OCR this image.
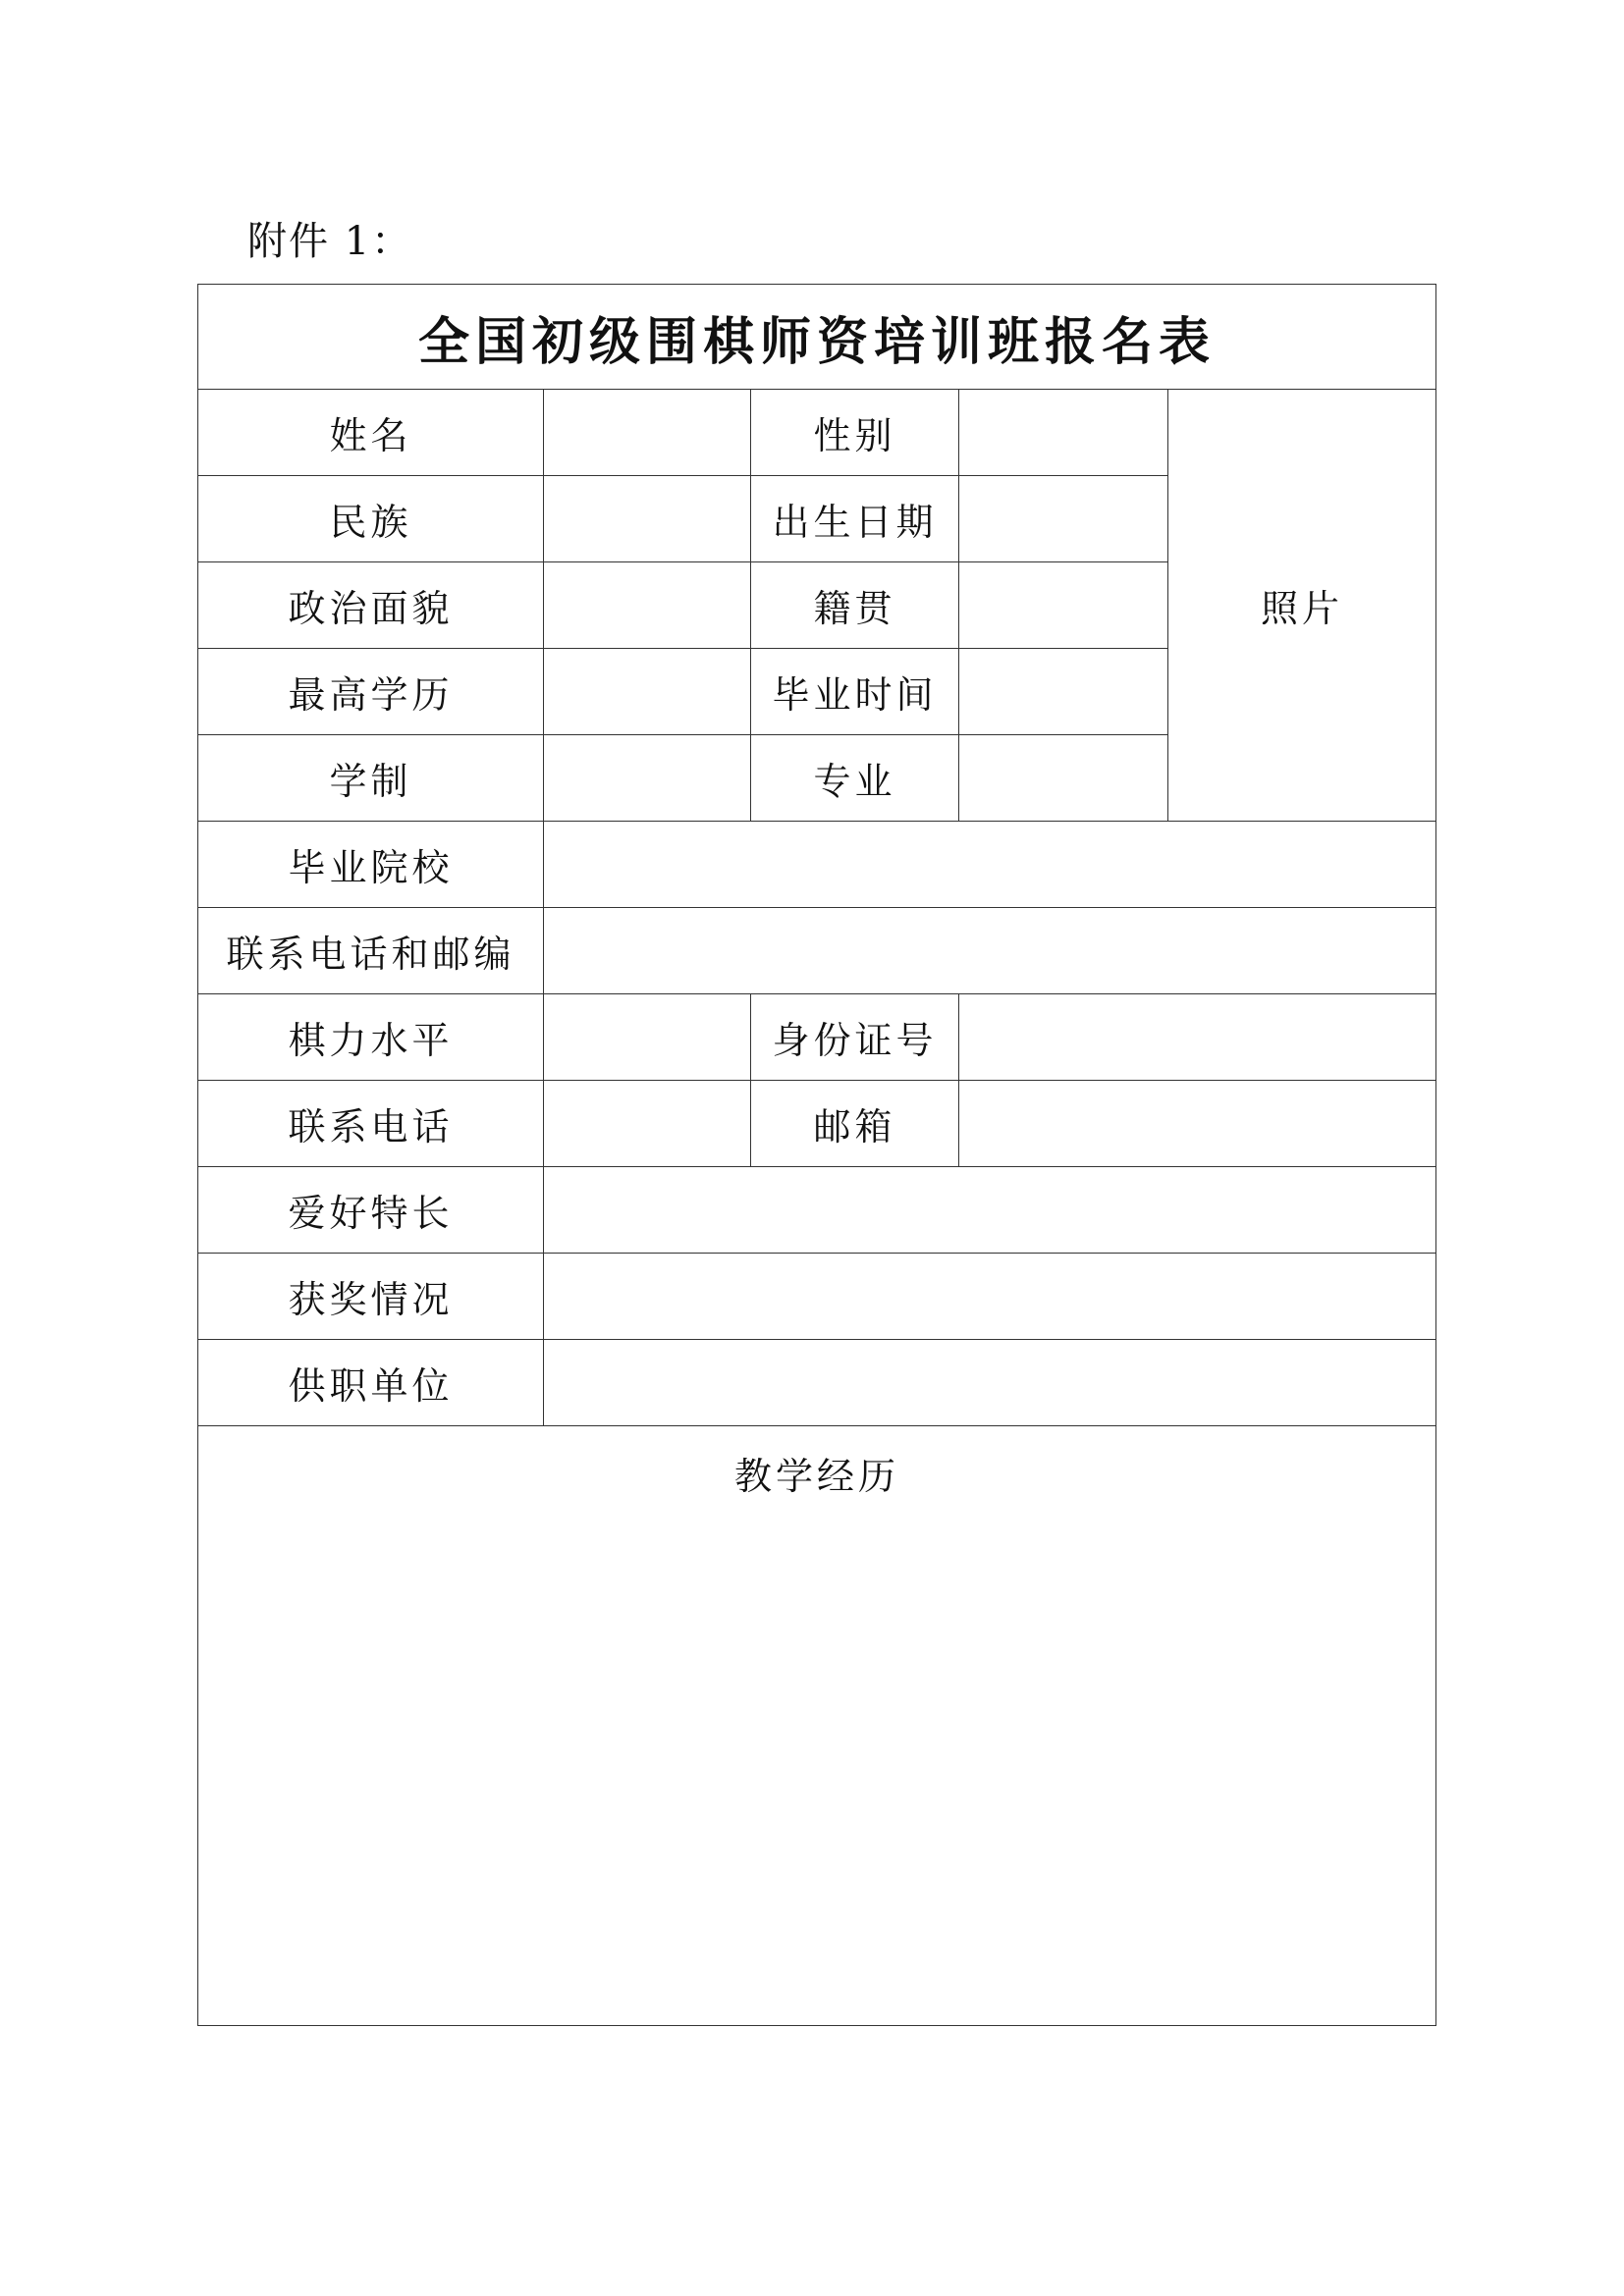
附件 1：
全国初级围棋师资培训班报名表				
姓名		性别		照片
民族		出生日期		
政治面貌		籍贯		
最高学历		毕业时间		
学制		专业		
毕业院校				
联系电话和邮编				
棋力水平		身份证号		
联系电话		邮箱		
爱好特长				
获奖情况				
供职单位				
教学经历				
